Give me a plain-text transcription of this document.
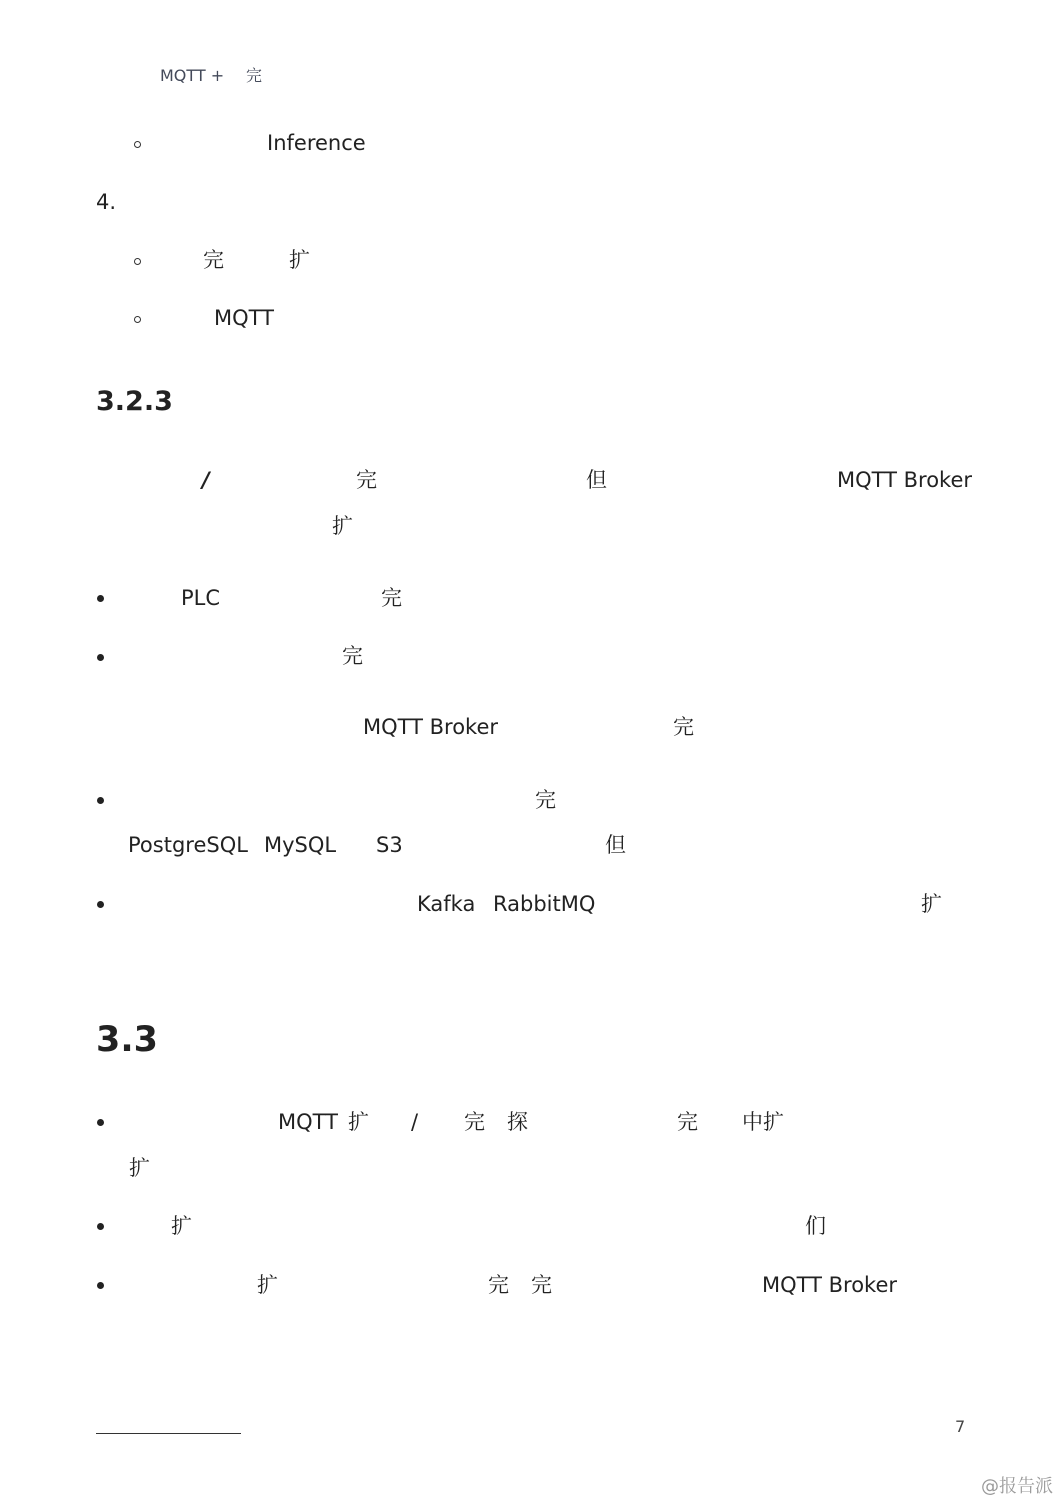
MQTT + 完
Inference
4.
完	扩
MQTT
3.2.3
/	完	但	MQTT Broker
扩
PLC	完
完
MQTT Broker	完
完
PostgreSQL MySQL S3	但
Kafka RabbitMQ	扩
3.3
MQTT 扩 / 完 探	完 中扩
扩
扩	们
扩	完 完	MQTT Broker
7
@报告派
